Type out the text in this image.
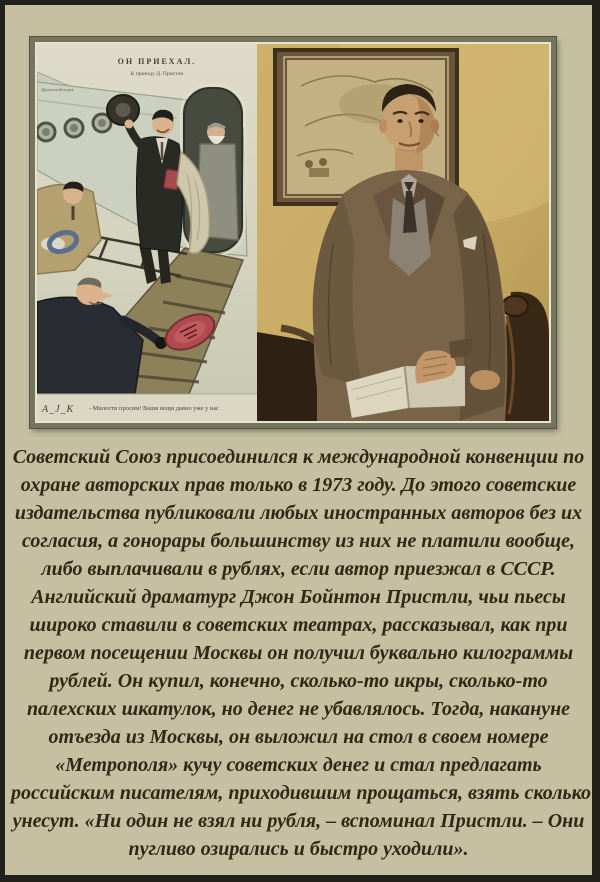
ОН ПРИЕХАЛ.
К приезду Д. Пристли
Дружеский шарж
А_J_К - Милости просим! Ваши вещи давно уже у нас
Советский Союз присоединился к международной конвенции по
охране авторских прав только в 1973 году. До этого советские
издательства публиковали любых иностранных авторов без их
согласия, а гонорары большинству из них не платили вообще,
либо выплачивали в рублях, если автор приезжал в СССР.
Английский драматург Джон Бойнтон Пристли, чьи пьесы
широко ставили в советских театрах, рассказывал, как при
первом посещении Москвы он получил буквально килограммы
рублей. Он купил, конечно, сколько-то икры, сколько-то
палехских шкатулок, но денег не убавлялось. Тогда, накануне
отъезда из Москвы, он выложил на стол в своем номере
«Метрополя» кучу советских денег и стал предлагать
российским писателям, приходившим прощаться, взять сколько
унесут. «Ни один не взял ни рубля, – вспоминал Пристли. – Они
пугливо озирались и быстро уходили».
